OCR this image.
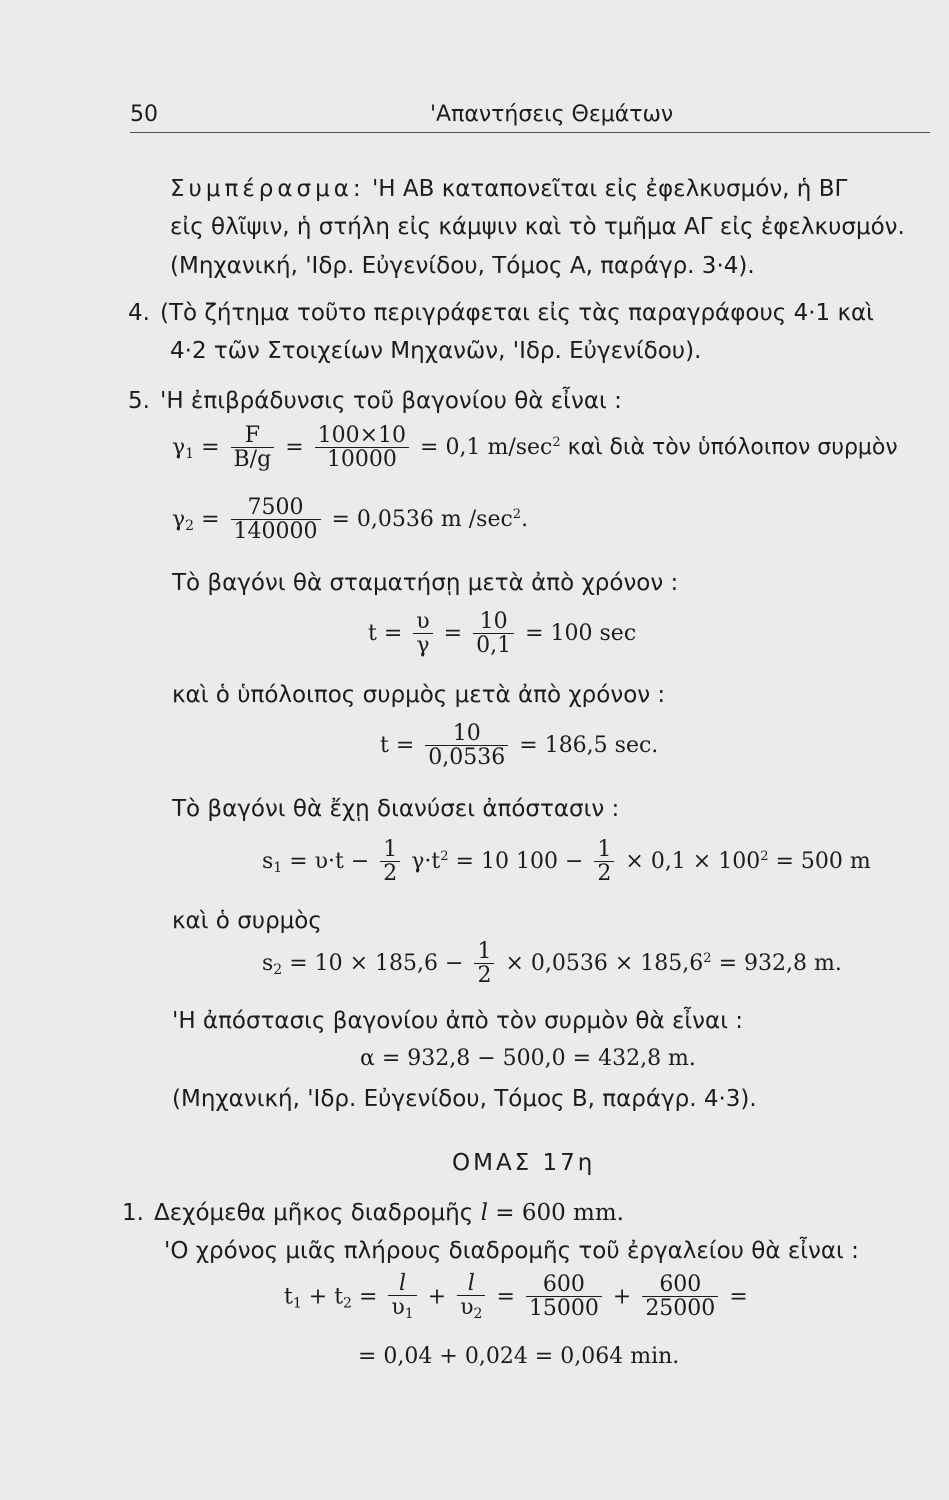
50	'Απαντήσεις Θεμάτων
Συμπέρασμα: 'Η ΑΒ καταπονεῖται εἰς ἐφελκυσμόν, ἡ ΒΓ
εἰς θλῖψιν, ἡ στήλη εἰς κάμψιν καὶ τὸ τμῆμα ΑΓ εἰς ἐφελκυσμόν.
(Μηχανική, 'Ιδρ. Εὐγενίδου, Τόμος Α, παράγρ. 3·4).
4. (Τὸ ζήτημα τοῦτο περιγράφεται εἰς τὰς παραγράφους 4·1 καὶ
4·2 τῶν Στοιχείων Μηχανῶν, 'Ιδρ. Εὐγενίδου).
5. 'Η ἐπιβράδυνσις τοῦ βαγονίου θὰ εἶναι :
$\gamma_1 = \frac{F}{B/g} = \frac{100\times 10}{10000} = 0,1$ $m/\sec^2$ καὶ διὰ τὸν ὑπόλοιπον συρμὸν
$\gamma_2 = \frac{7500}{140000} = 0,0536$ m $/\sec^2$.
Τὸ βαγόνι θὰ σταματήσῃ μετὰ ἀπὸ χρόνον :
$t = \frac{\upsilon}{\gamma} = \frac{10}{0,1} = 100$ sec
καὶ ὁ ὑπόλοιπος συρμὸς μετὰ ἀπὸ χρόνον :
$t = \frac{10}{0,0536} = 186,5$ sec.
Τὸ βαγόνι θὰ ἔχῃ διανύσει ἀπόστασιν :
$s_1 = \upsilon\cdot t - \frac{1}{2} \gamma\cdot t^2 = 10$ $100 - \frac{1}{2} \times 0,1 \times 100^2 = 500$ m
καὶ ὁ συρμὸς
$s_2 = 10 \times 185,6 - \frac{1}{2} \times 0,0536 \times 185,6^2 = 932,8$ m.
'Η ἀπόστασις βαγονίου ἀπὸ τὸν συρμὸν θὰ εἶναι :
α = 932,8 − 500,0 = 432,8 m.
(Μηχανική, 'Ιδρ. Εὐγενίδου, Τόμος Β, παράγρ. 4·3).
ΟΜΑΣ 17η
1. Δεχόμεθα μῆκος διαδρομῆς l = 600 mm.
'Ο χρόνος μιᾶς πλήρους διαδρομῆς τοῦ ἐργαλείου θὰ εἶναι :
$t_1 + t_2 = \frac{l}{\upsilon_1} + \frac{l}{\upsilon_2} = \frac{600}{15000} + \frac{600}{25000}$ =
= 0,04 + 0,024 = 0,064 min.
